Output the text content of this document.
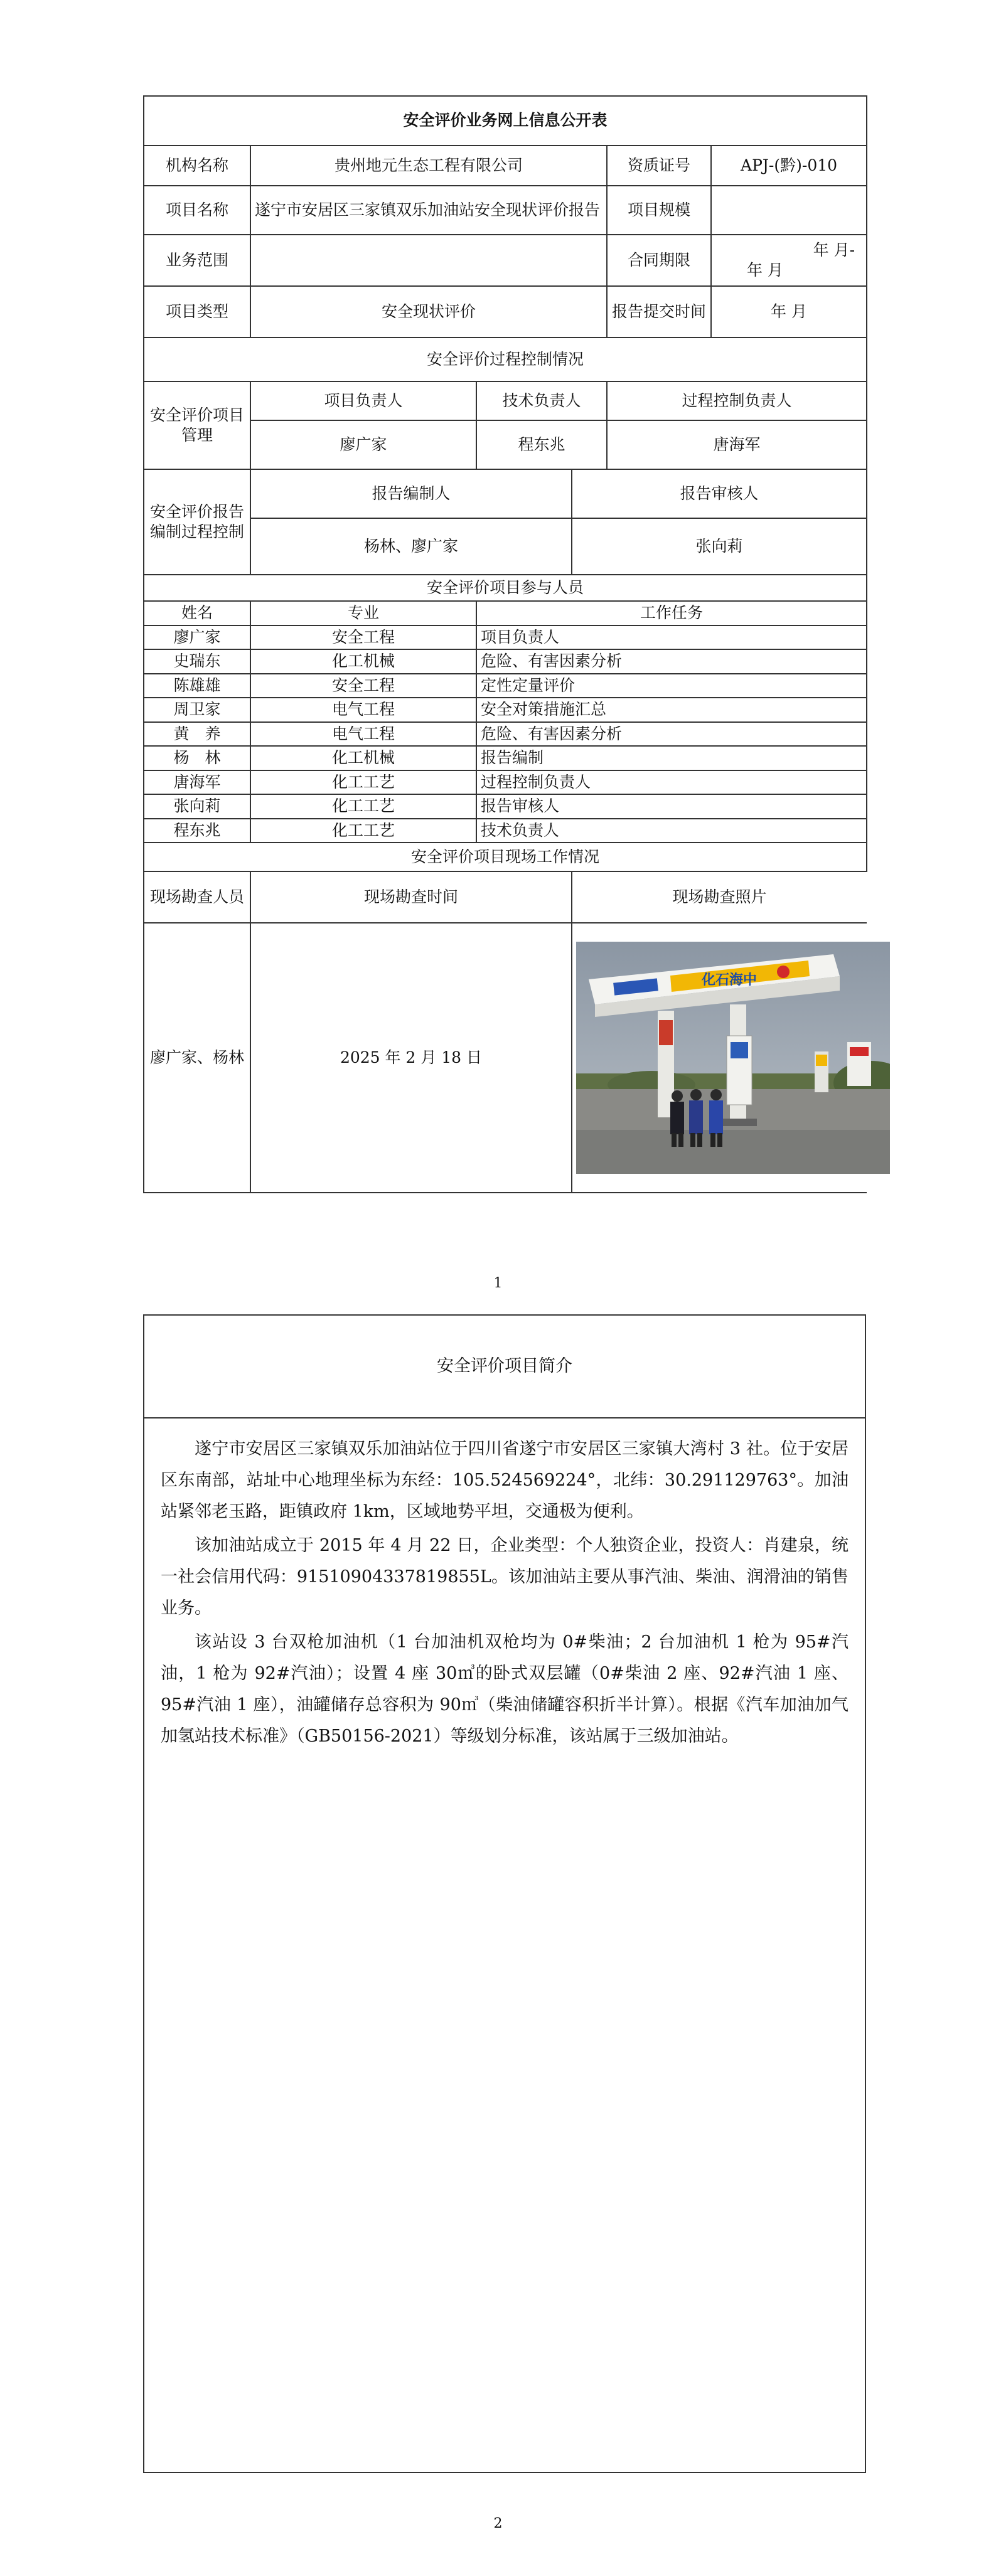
安全评价业务网上信息公开表					
机构名称	贵州地元生态工程有限公司			资质证号	APJ-(黔)-010
项目名称	遂宁市安居区三家镇双乐加油站安全现状评价报告			项目规模	
业务范围				合同期限	年 月-
年 月

项目类型	安全现状评价			报告提交时间	年 月
安全评价过程控制情况					
安全评价项目管理	项目负责人	技术负责人		过程控制负责人	
	廖广家	程东兆		唐海军	
安全评价报告编制过程控制	报告编制人		报告审核人		
	杨林、廖广家		张向莉		
安全评价项目参与人员					
姓名	专业	工作任务			
廖广家	安全工程	项目负责人			
史瑞东	化工机械	危险、有害因素分析			
陈雄雄	安全工程	定性定量评价			
周卫家	电气工程	安全对策措施汇总			
黄　养	电气工程	危险、有害因素分析			
杨　林	化工机械	报告编制			
唐海军	化工工艺	过程控制负责人			
张向莉	化工工艺	报告审核人			
程东兆	化工工艺	技术负责人			
安全评价项目现场工作情况					
现场勘查人员	现场勘查时间		现场勘查照片		
廖广家、杨林	2025 年 2 月 18 日		化石海中		
1
安全评价项目简介

遂宁市安居区三家镇双乐加油站位于四川省遂宁市安居区三家镇大湾村 3 社。位于安居区东南部，站址中心地理坐标为东经：105.524569224°，北纬：30.291129763°。加油站紧邻老玉路，距镇政府 1km，区域地势平坦，交通极为便利。

该加油站成立于 2015 年 4 月 22 日，企业类型：个人独资企业，投资人：肖建泉，统一社会信用代码：91510904337819855L。该加油站主要从事汽油、柴油、润滑油的销售业务。

该站设 3 台双枪加油机（1 台加油机双枪均为 0#柴油；2 台加油机 1 枪为 95#汽油，1 枪为 92#汽油）；设置 4 座 30㎥的卧式双层罐（0#柴油 2 座、92#汽油 1 座、95#汽油 1 座），油罐储存总容积为 90㎥（柴油储罐容积折半计算）。根据《汽车加油加气加氢站技术标准》（GB50156-2021）等级划分标准，该站属于三级加油站。

2
